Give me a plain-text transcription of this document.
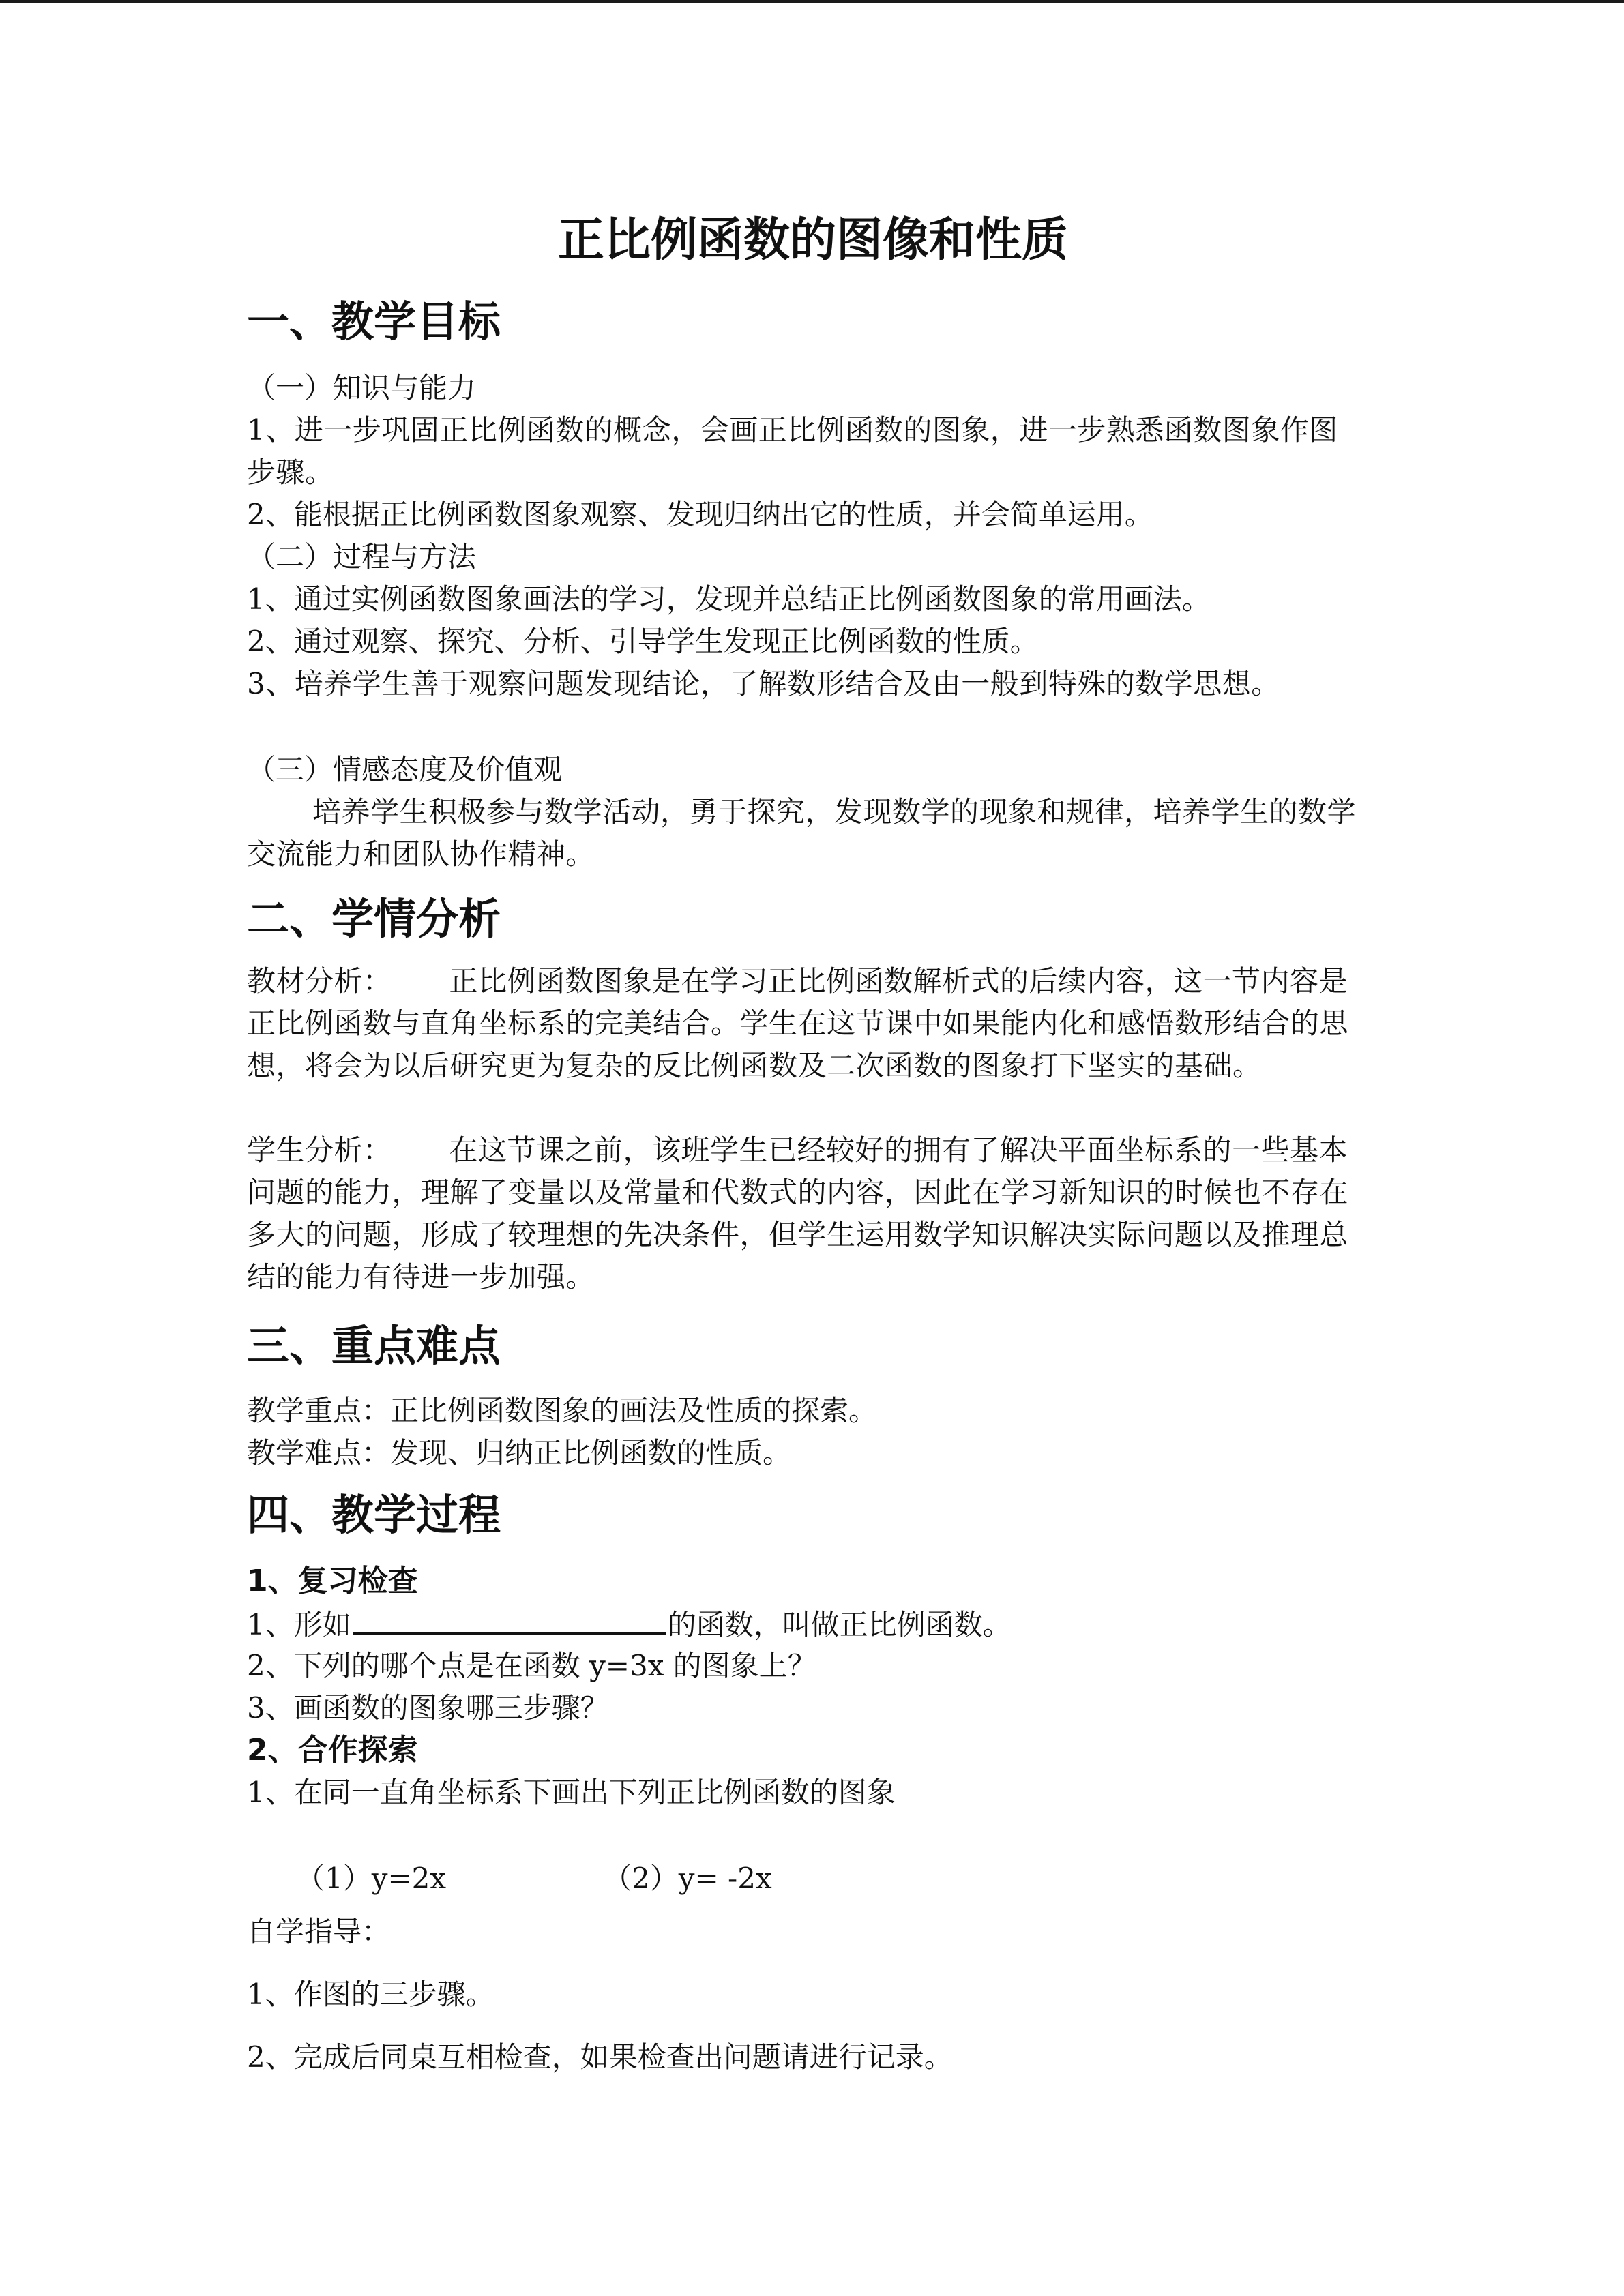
正比例函数的图像和性质
一、教学目标
（一）知识与能力
1、进一步巩固正比例函数的概念，会画正比例函数的图象，进一步熟悉函数图象作图步骤。
2、能根据正比例函数图象观察、发现归纳出它的性质，并会简单运用。
（二）过程与方法
1、通过实例函数图象画法的学习，发现并总结正比例函数图象的常用画法。
2、通过观察、探究、分析、引导学生发现正比例函数的性质。
3、培养学生善于观察问题发现结论，了解数形结合及由一般到特殊的数学思想。
（三）情感态度及价值观
培养学生积极参与数学活动，勇于探究，发现数学的现象和规律，培养学生的数学交流能力和团队协作精神。
二、学情分析
教材分析： 正比例函数图象是在学习正比例函数解析式的后续内容，这一节内容是正比例函数与直角坐标系的完美结合。学生在这节课中如果能内化和感悟数形结合的思想，将会为以后研究更为复杂的反比例函数及二次函数的图象打下坚实的基础。
学生分析： 在这节课之前，该班学生已经较好的拥有了解决平面坐标系的一些基本问题的能力，理解了变量以及常量和代数式的内容，因此在学习新知识的时候也不存在多大的问题，形成了较理想的先决条件，但学生运用数学知识解决实际问题以及推理总结的能力有待进一步加强。
三、重点难点
教学重点：正比例函数图象的画法及性质的探索。
教学难点：发现、归纳正比例函数的性质。
四、教学过程
1、复习检查
1、形如	的函数，叫做正比例函数。
2、下列的哪个点是在函数 y=3x 的图象上？
3、画函数的图象哪三步骤？
2、合作探索
1、在同一直角坐标系下画出下列正比例函数的图象
（1）y=2x	（2）y= -2x
自学指导：
1、作图的三步骤。
2、完成后同桌互相检查，如果检查出问题请进行记录。
